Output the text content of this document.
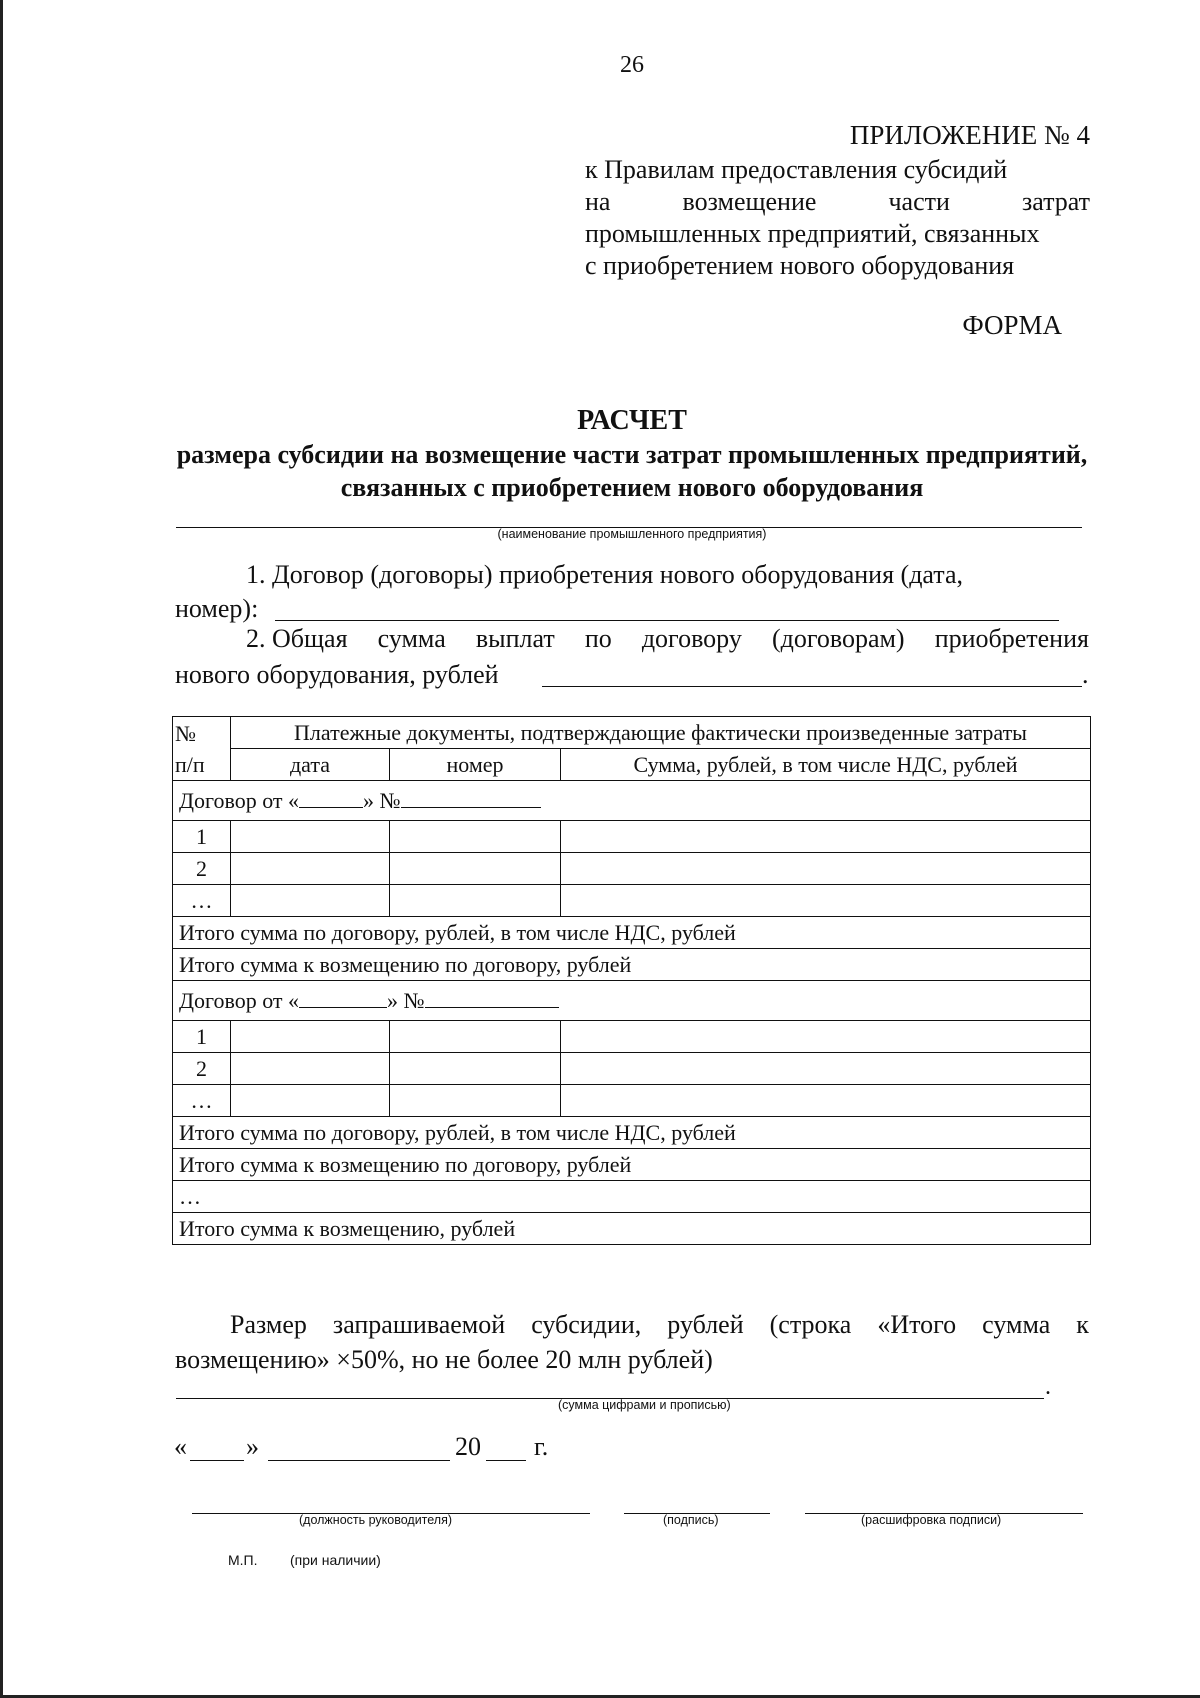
26
ПРИЛОЖЕНИЕ № 4
к Правилам предоставления субсидий
на	возмещение	части	затрат
промышленных предприятий, связанных
с приобретением нового оборудования
ФОРМА
РАСЧЕТ
размера субсидии на возмещение части затрат промышленных предприятий, связанных с приобретением нового оборудования
(наименование промышленного предприятия)
1. Договор (договоры) приобретения нового оборудования (дата,
номер):
2. Общая сумма выплат по договору (договорам) приобретения
нового оборудования, рублей	.
№
п/п	Платежные документы, подтверждающие фактически произведенные затраты		
	дата	номер	Сумма, рублей, в том числе НДС, рублей
Договор от « » №			
1			
2			
…			
Итого сумма по договору, рублей, в том числе НДС, рублей			
Итого сумма к возмещению по договору, рублей			
Договор от « » №			
1			
2			
…			
Итого сумма по договору, рублей, в том числе НДС, рублей			
Итого сумма к возмещению по договору, рублей			
…			
Итого сумма к возмещению, рублей			
Размер запрашиваемой субсидии, рублей (строка «Итого сумма к
возмещению» ×50%, но не более 20 млн рублей)
.
(сумма цифрами и прописью)
« »	20 г.
(должность руководителя)	(подпись)	(расшифровка подписи)
М.П. (при наличии)
